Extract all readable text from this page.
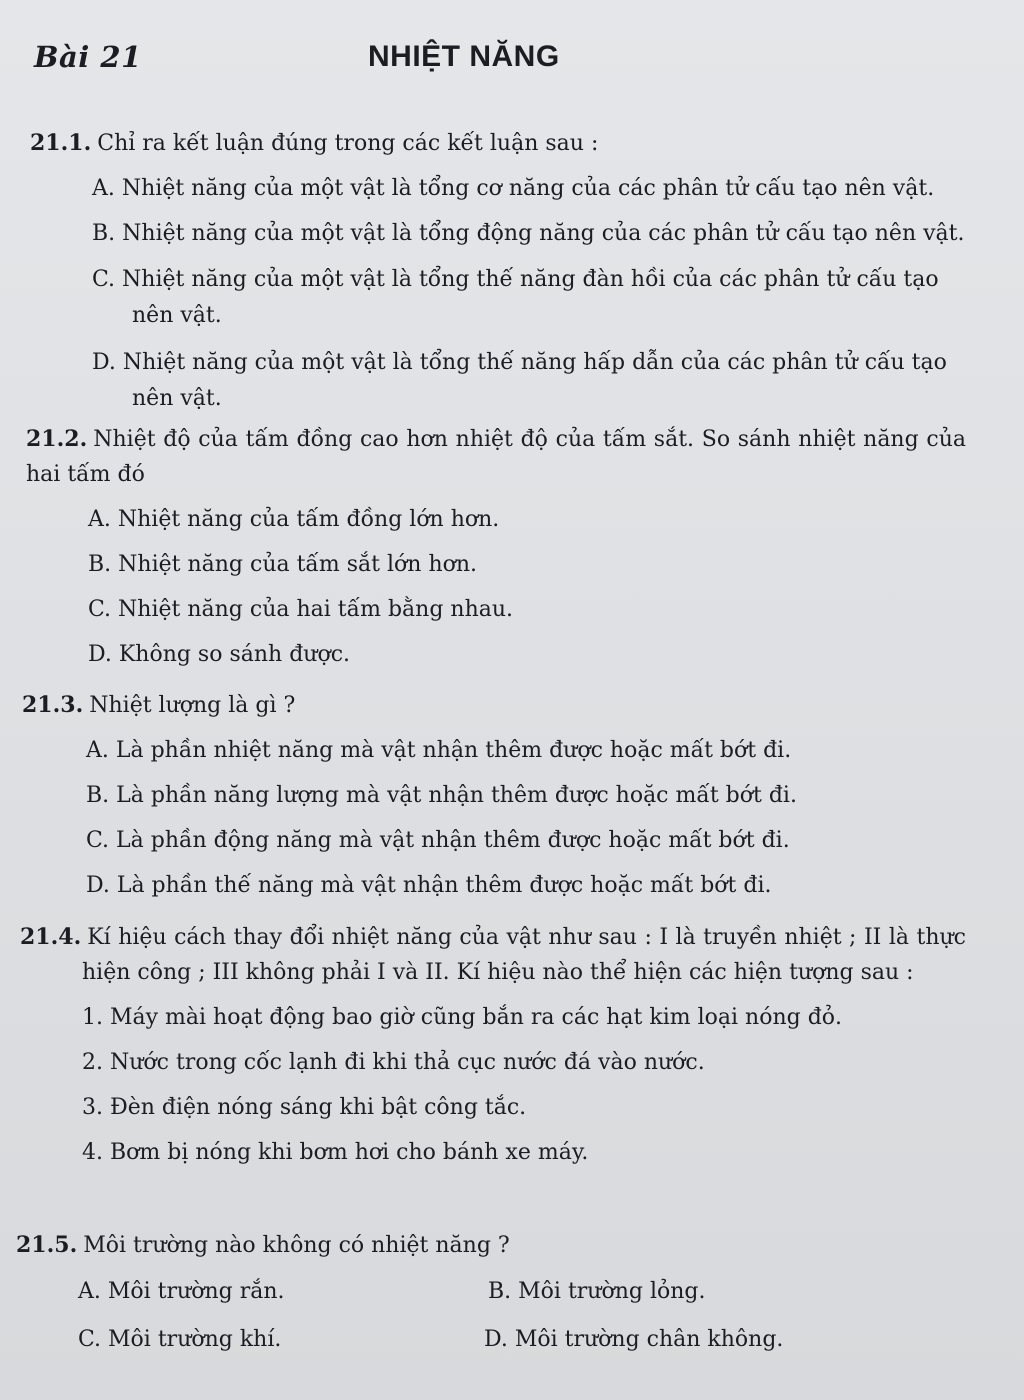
Bài 21	NHIỆT NĂNG
21.1. Chỉ ra kết luận đúng trong các kết luận sau :
A. Nhiệt năng của một vật là tổng cơ năng của các phân tử cấu tạo nên vật.
B. Nhiệt năng của một vật là tổng động năng của các phân tử cấu tạo nên vật.
C. Nhiệt năng của một vật là tổng thế năng đàn hồi của các phân tử cấu tạo nên vật.
D. Nhiệt năng của một vật là tổng thế năng hấp dẫn của các phân tử cấu tạo nên vật.
21.2. Nhiệt độ của tấm đồng cao hơn nhiệt độ của tấm sắt. So sánh nhiệt năng của hai tấm đó
A. Nhiệt năng của tấm đồng lớn hơn.
B. Nhiệt năng của tấm sắt lớn hơn.
C. Nhiệt năng của hai tấm bằng nhau.
D. Không so sánh được.
21.3. Nhiệt lượng là gì ?
A. Là phần nhiệt năng mà vật nhận thêm được hoặc mất bớt đi.
B. Là phần năng lượng mà vật nhận thêm được hoặc mất bớt đi.
C. Là phần động năng mà vật nhận thêm được hoặc mất bớt đi.
D. Là phần thế năng mà vật nhận thêm được hoặc mất bớt đi.
21.4. Kí hiệu cách thay đổi nhiệt năng của vật như sau : I là truyền nhiệt ; II là thực hiện công ; III không phải I và II. Kí hiệu nào thể hiện các hiện tượng sau :
1. Máy mài hoạt động bao giờ cũng bắn ra các hạt kim loại nóng đỏ.
2. Nước trong cốc lạnh đi khi thả cục nước đá vào nước.
3. Đèn điện nóng sáng khi bật công tắc.
4. Bơm bị nóng khi bơm hơi cho bánh xe máy.
21.5. Môi trường nào không có nhiệt năng ?
A. Môi trường rắn.	B. Môi trường lỏng.
C. Môi trường khí.	D. Môi trường chân không.
